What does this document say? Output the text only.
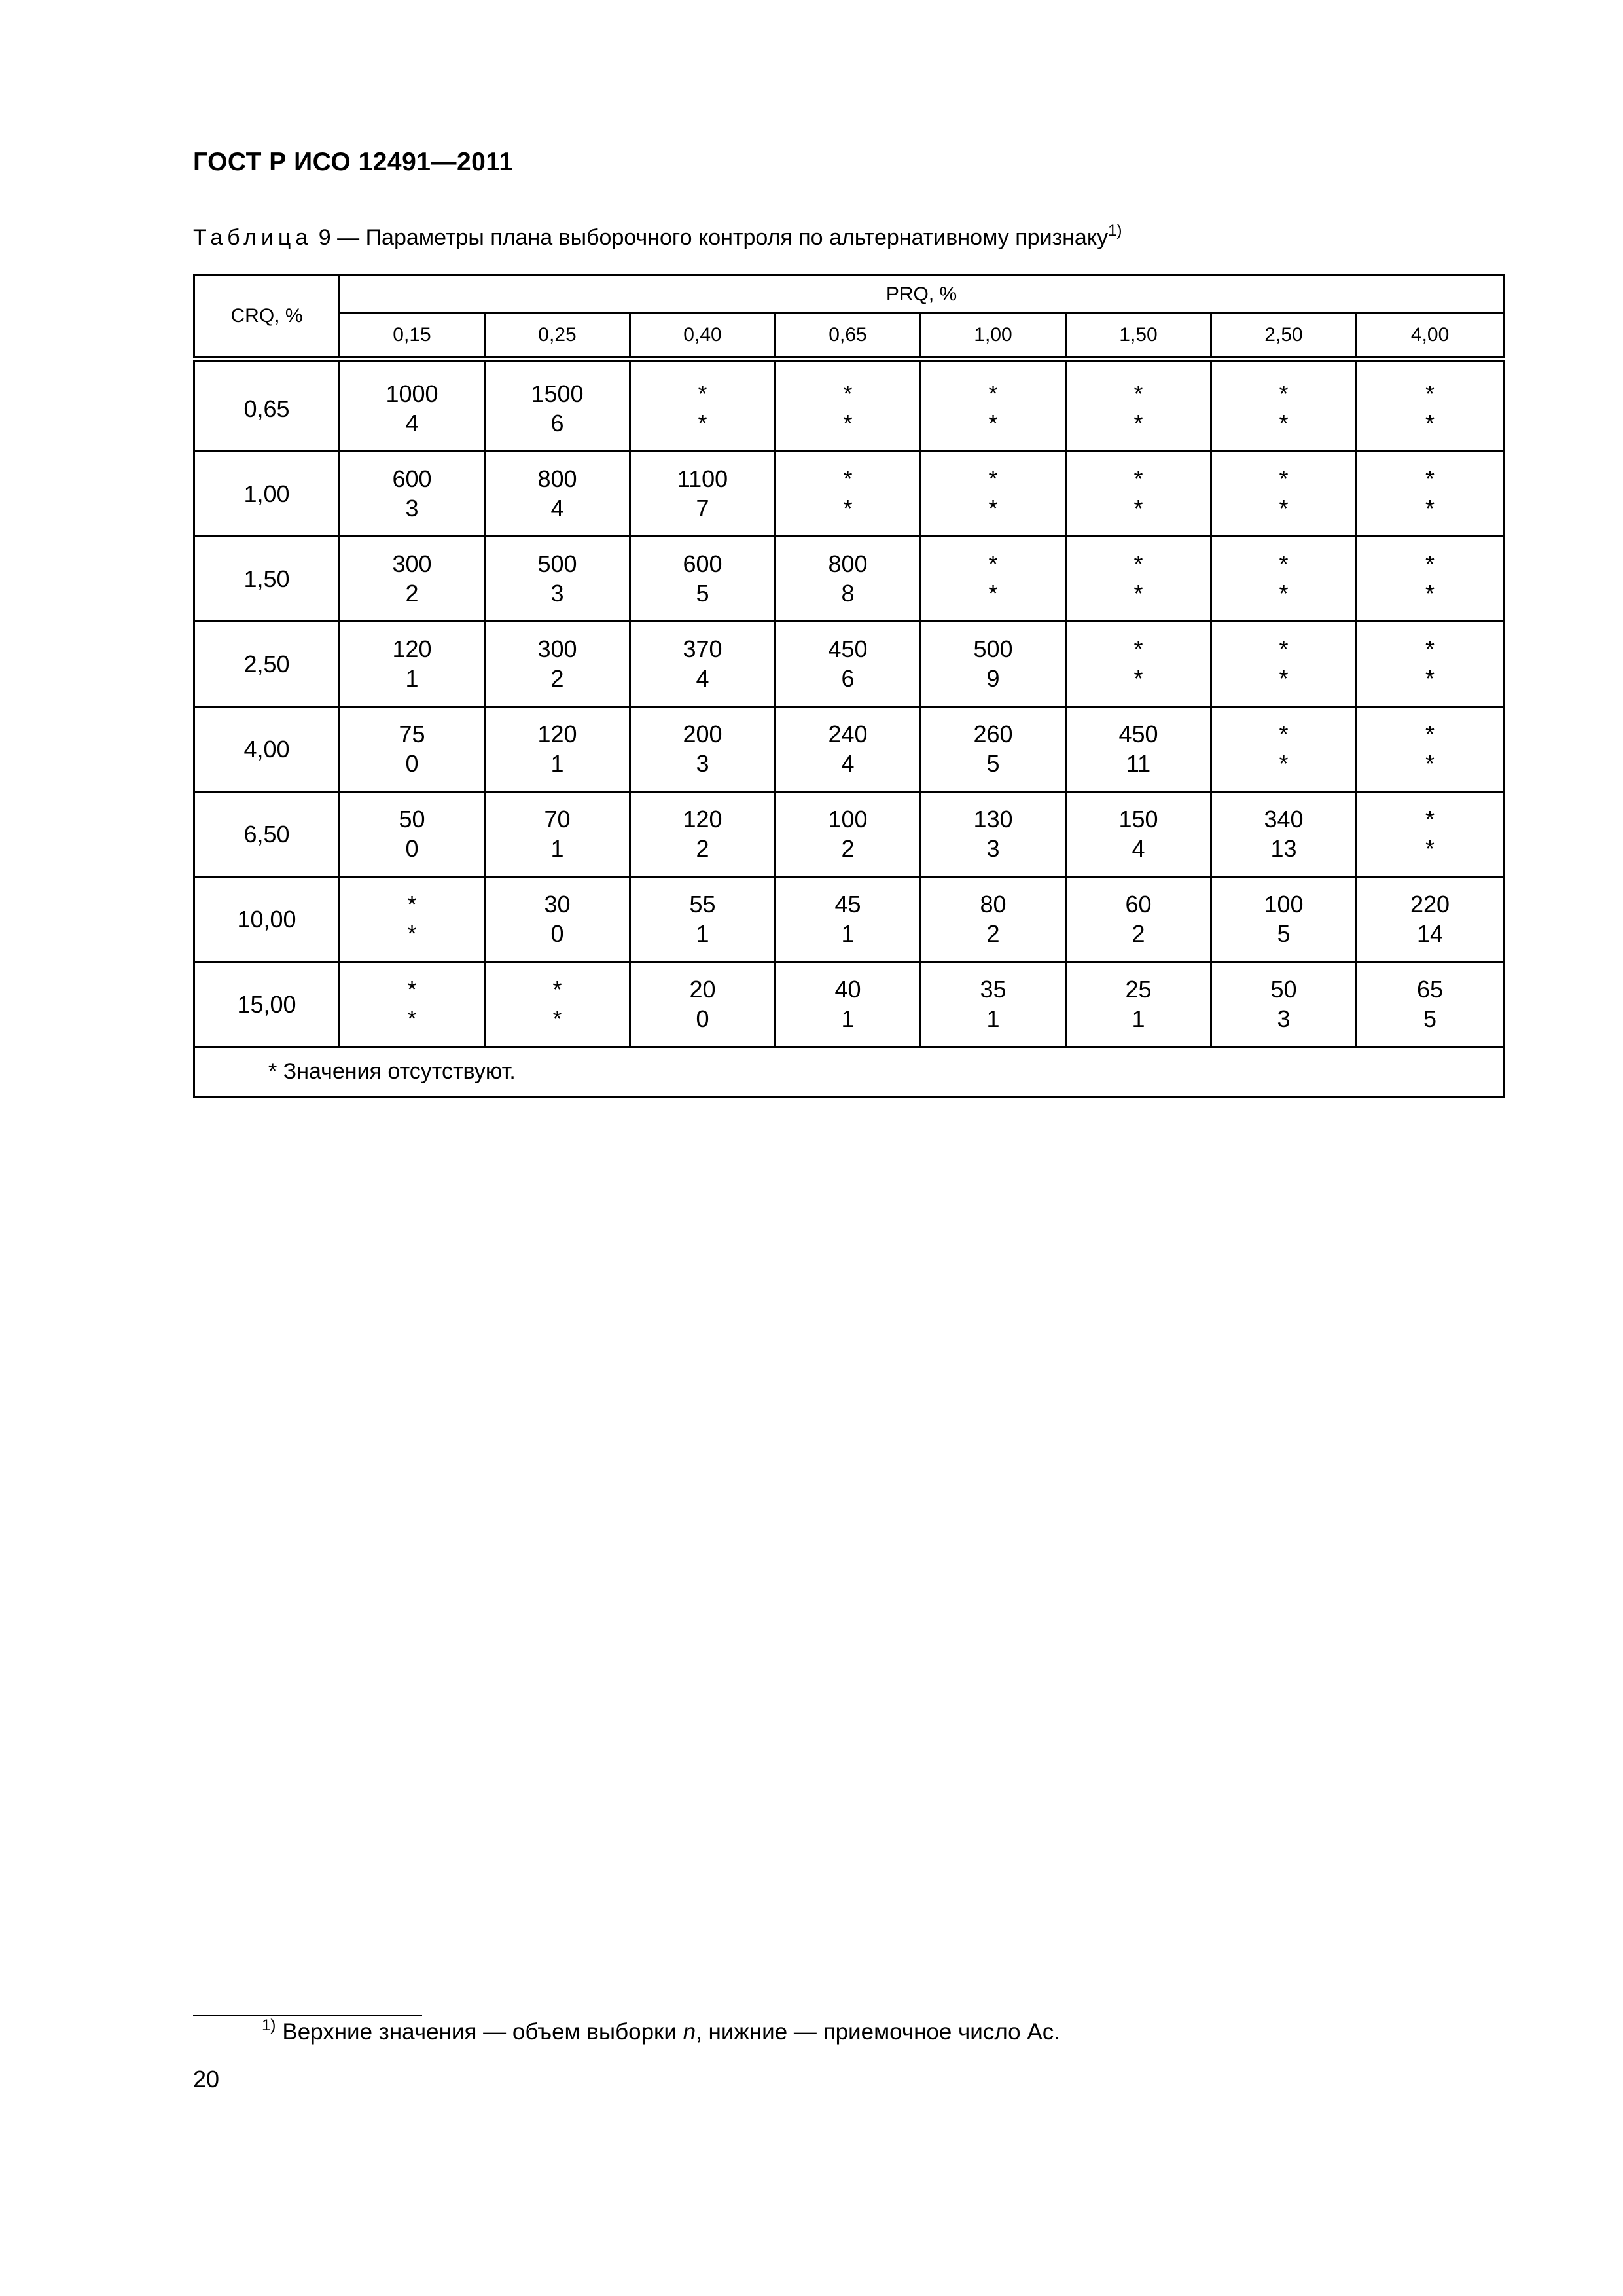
ГОСТ Р ИСО 12491—2011
Таблица 9 — Параметры плана выборочного контроля по альтернативному признаку$^{1)}$
CRQ, %	PRQ, %							
	0,15	0,25	0,40	0,65	1,00	1,50	2,50	4,00
0,65	1000	1500	*	*	*	*	*	*
	4	6	*	*	*	*	*	*
1,00	600	800	1100	*	*	*	*	*
	3	4	7	*	*	*	*	*
1,50	300	500	600	800	*	*	*	*
	2	3	5	8	*	*	*	*
2,50	120	300	370	450	500	*	*	*
	1	2	4	6	9	*	*	*
4,00	75	120	200	240	260	450	*	*
	0	1	3	4	5	11	*	*
6,50	50	70	120	100	130	150	340	*
	0	1	2	2	3	4	13	*
10,00	*	30	55	45	80	60	100	220
	*	0	1	1	2	2	5	14
15,00	*	*	20	40	35	25	50	65
	*	*	0	1	1	1	3	5
* Значения отсутствуют.								
$^{1)}$ Верхние значения — объем выборки n, нижние — приемочное число Ac.
20
